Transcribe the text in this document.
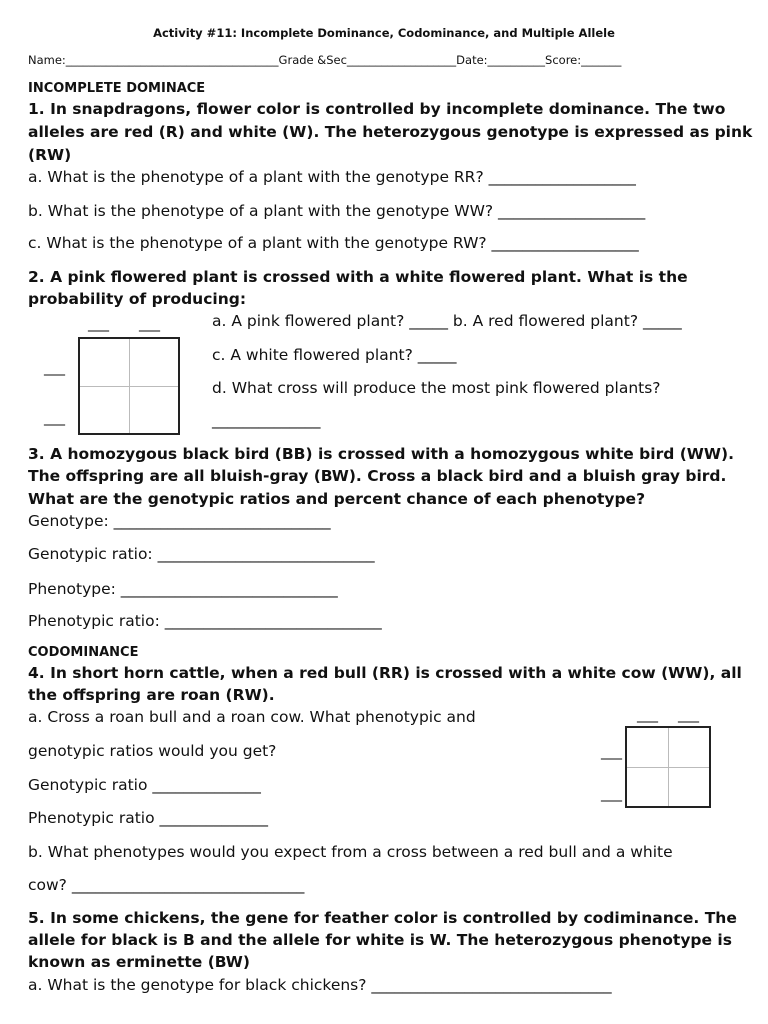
Activity #11: Incomplete Dominance, Codominance, and Multiple Allele
Name:_____________________________________Grade &Sec___________________Date:__________Score:_______
INCOMPLETE DOMINACE
1. In snapdragons, flower color is controlled by incomplete dominance. The two
alleles are red (R) and white (W). The heterozygous genotype is expressed as pink
(RW)
a. What is the phenotype of a plant with the genotype RR? ___________________
b. What is the phenotype of a plant with the genotype WW? ___________________
c. What is the phenotype of a plant with the genotype RW? ___________________
2. A pink flowered plant is crossed with a white flowered plant. What is the
probability of producing:
a. A pink flowered plant? _____ b. A red flowered plant? _____
c. A white flowered plant? _____
d. What cross will produce the most pink flowered plants?
______________
___ ___
___
___
3. A homozygous black bird (BB) is crossed with a homozygous white bird (WW).
The offspring are all bluish-gray (BW). Cross a black bird and a bluish gray bird.
What are the genotypic ratios and percent chance of each phenotype?
Genotype: ____________________________
Genotypic ratio: ____________________________
Phenotype: ____________________________
Phenotypic ratio: ____________________________
CODOMINANCE
4. In short horn cattle, when a red bull (RR) is crossed with a white cow (WW), all
the offspring are roan (RW).
a. Cross a roan bull and a roan cow. What phenotypic and
genotypic ratios would you get?
Genotypic ratio ______________
Phenotypic ratio ______________
___ ___
___
___
b. What phenotypes would you expect from a cross between a red bull and a white
cow? ______________________________
5. In some chickens, the gene for feather color is controlled by codiminance. The
allele for black is B and the allele for white is W. The heterozygous phenotype is
known as erminette (BW)
a. What is the genotype for black chickens? _______________________________
